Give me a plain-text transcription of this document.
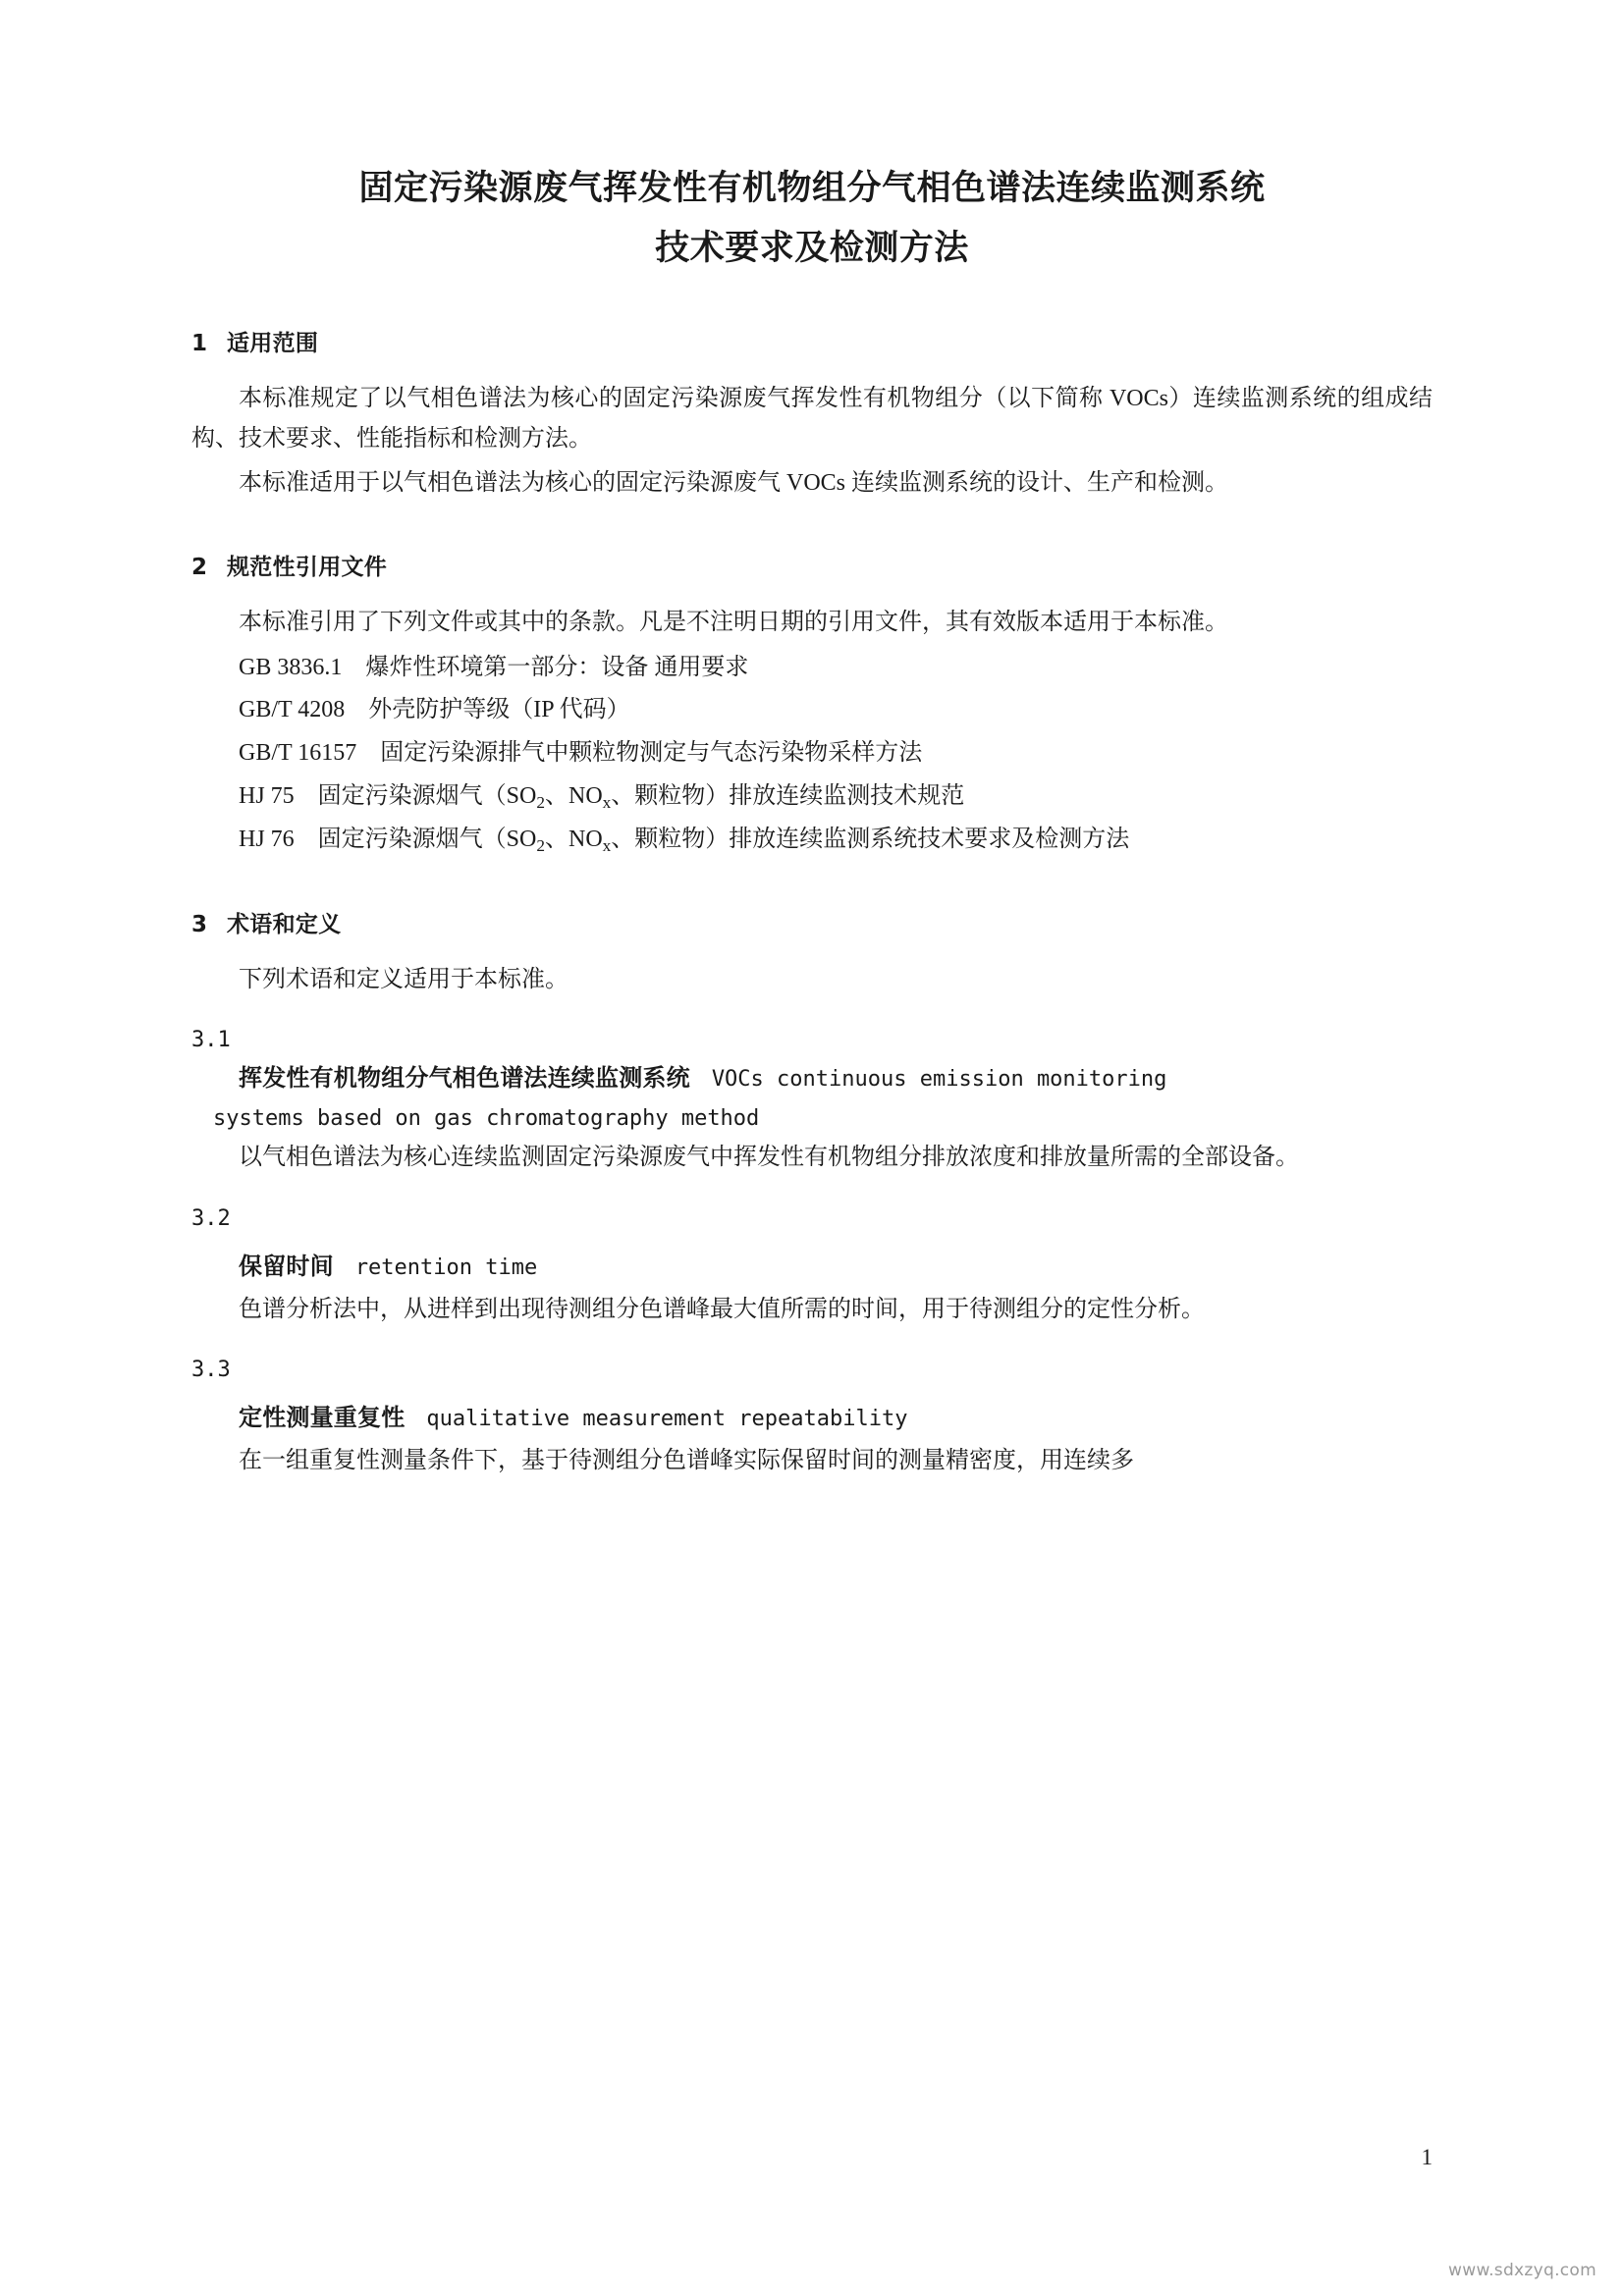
固定污染源废气挥发性有机物组分气相色谱法连续监测系统
技术要求及检测方法
1 适用范围

本标准规定了以气相色谱法为核心的固定污染源废气挥发性有机物组分（以下简称 VOCs）连续监测系统的组成结构、技术要求、性能指标和检测方法。

本标准适用于以气相色谱法为核心的固定污染源废气 VOCs 连续监测系统的设计、生产和检测。

2 规范性引用文件

本标准引用了下列文件或其中的条款。凡是不注明日期的引用文件，其有效版本适用于本标准。

GB 3836.1　爆炸性环境第一部分：设备 通用要求

GB/T 4208　外壳防护等级（IP 代码）

GB/T 16157　固定污染源排气中颗粒物测定与气态污染物采样方法

HJ 75　固定污染源烟气（$SO_2$、$NO_x$、颗粒物）排放连续监测技术规范

HJ 76　固定污染源烟气（$SO_2$、$NO_x$、颗粒物）排放连续监测系统技术要求及检测方法

3 术语和定义

下列术语和定义适用于本标准。

3.1

挥发性有机物组分气相色谱法连续监测系统　VOCs continuous emission monitoring

　systems based on gas chromatography method

以气相色谱法为核心连续监测固定污染源废气中挥发性有机物组分排放浓度和排放量所需的全部设备。

3.2

保留时间　retention time

色谱分析法中，从进样到出现待测组分色谱峰最大值所需的时间，用于待测组分的定性分析。

3.3

定性测量重复性　qualitative measurement repeatability

在一组重复性测量条件下，基于待测组分色谱峰实际保留时间的测量精密度，用连续多

1
www.sdxzyq.com
